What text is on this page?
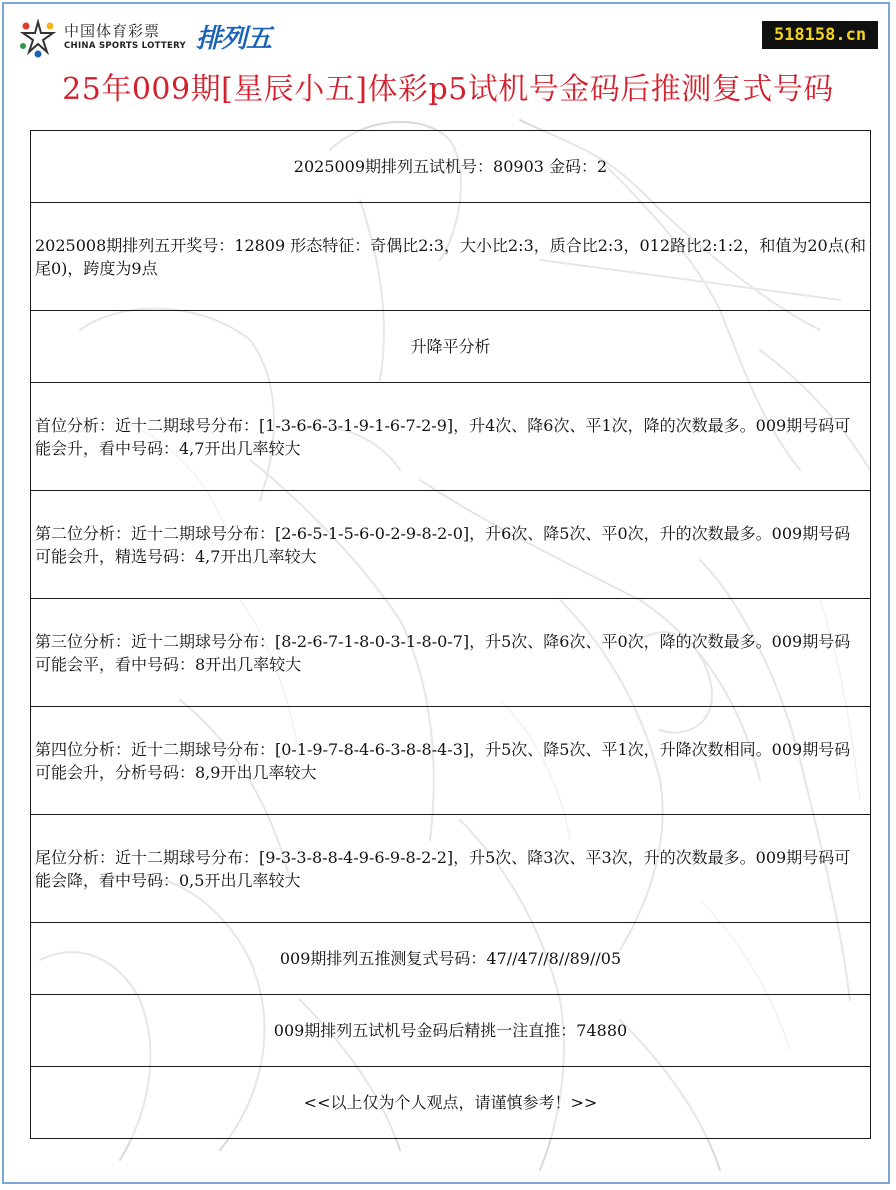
中国体育彩票
CHINA SPORTS LOTTERY 排列五	518158.cn
25年009期[星辰小五]体彩p5试机号金码后推测复式号码
2025009期排列五试机号：80903 金码：2
2025008期排列五开奖号：12809 形态特征：奇偶比2:3，大小比2:3，质合比2:3，012路比2:1:2，和值为20点(和尾0)，跨度为9点
升降平分析
首位分析：近十二期球号分布：[1-3-6-6-3-1-9-1-6-7-2-9]，升4次、降6次、平1次，降的次数最多。009期号码可能会升，看中号码：4,7开出几率较大
第二位分析：近十二期球号分布：[2-6-5-1-5-6-0-2-9-8-2-0]，升6次、降5次、平0次，升的次数最多。009期号码可能会升，精选号码：4,7开出几率较大
第三位分析：近十二期球号分布：[8-2-6-7-1-8-0-3-1-8-0-7]，升5次、降6次、平0次，降的次数最多。009期号码可能会平，看中号码：8开出几率较大
第四位分析：近十二期球号分布：[0-1-9-7-8-4-6-3-8-8-4-3]，升5次、降5次、平1次，升降次数相同。009期号码可能会升，分析号码：8,9开出几率较大
尾位分析：近十二期球号分布：[9-3-3-8-8-4-9-6-9-8-2-2]，升5次、降3次、平3次，升的次数最多。009期号码可能会降，看中号码：0,5开出几率较大
009期排列五推测复式号码：47//47//8//89//05
009期排列五试机号金码后精挑一注直推：74880
<<以上仅为个人观点，请谨慎参考！>>
